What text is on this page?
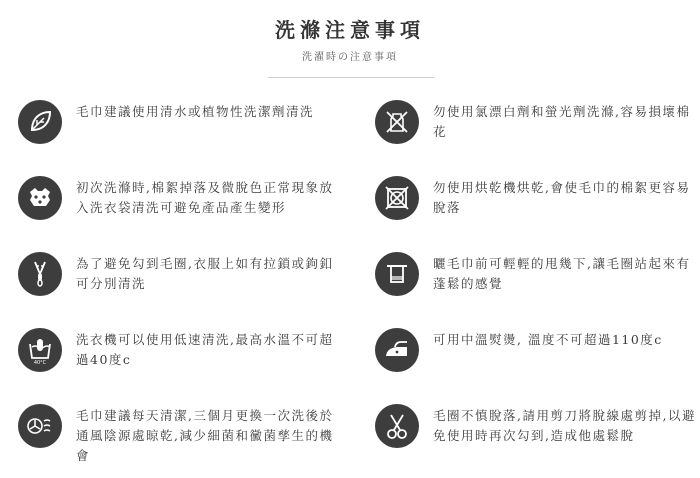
洗滌注意事項
洗濯時の注意事項
毛巾建議使用清水或植物性洗潔劑清洗
初次洗滌時,棉絮掉落及微脫色正常現象放入洗衣袋清洗可避免產品產生變形
為了避免勾到毛圈,衣服上如有拉鎖或鉤釦可分別清洗
40°C
洗衣機可以使用低速清洗,最高水溫不可超過40度c
毛巾建議每天清潔,三個月更換一次洗後於通風陰源處晾乾,減少細菌和黴菌孳生的機會
勿使用氯漂白劑和螢光劑洗滌,容易損壞棉花
勿使用烘乾機烘乾,會使毛巾的棉絮更容易脫落
曬毛巾前可輕輕的甩幾下,讓毛圈站起來有蓬鬆的感覺
可用中溫熨燙, 溫度不可超過110度c
毛圈不慎脫落,請用剪刀將脫線處剪掉,以避免使用時再次勾到,造成他處鬆脫
